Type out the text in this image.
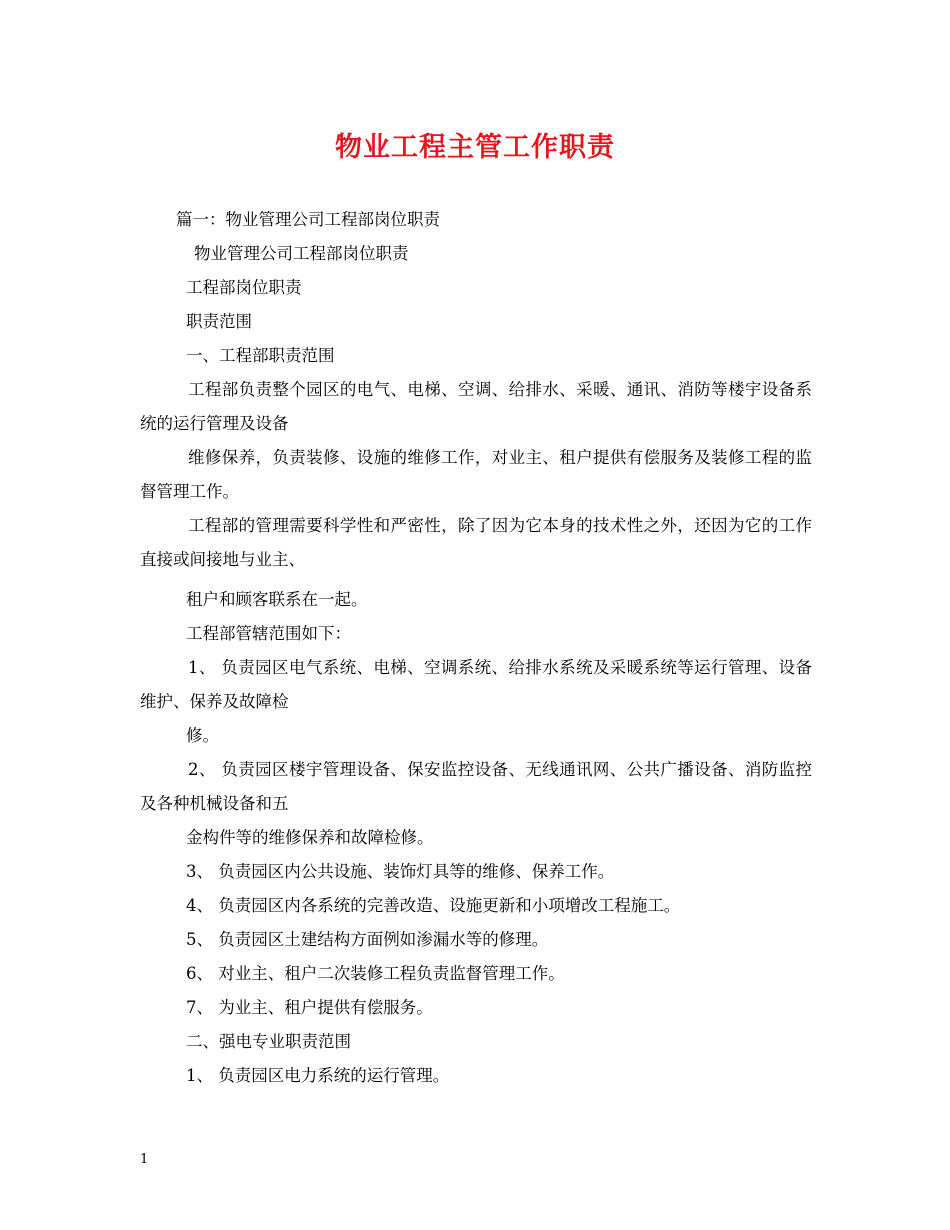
物业工程主管工作职责
篇一：物业管理公司工程部岗位职责
物业管理公司工程部岗位职责
工程部岗位职责
职责范围
一、工程部职责范围
工程部负责整个园区的电气、电梯、空调、给排水、采暖、通讯、消防等楼宇设备系统的运行管理及设备
维修保养，负责装修、设施的维修工作，对业主、租户提供有偿服务及装修工程的监督管理工作。
工程部的管理需要科学性和严密性，除了因为它本身的技术性之外，还因为它的工作直接或间接地与业主、
租户和顾客联系在一起。
工程部管辖范围如下：
1、 负责园区电气系统、电梯、空调系统、给排水系统及采暖系统等运行管理、设备维护、保养及故障检
修。
2、 负责园区楼宇管理设备、保安监控设备、无线通讯网、公共广播设备、消防监控及各种机械设备和五
金构件等的维修保养和故障检修。
3、 负责园区内公共设施、装饰灯具等的维修、保养工作。
4、 负责园区内各系统的完善改造、设施更新和小项增改工程施工。
5、 负责园区土建结构方面例如渗漏水等的修理。
6、 对业主、租户二次装修工程负责监督管理工作。
7、 为业主、租户提供有偿服务。
二、强电专业职责范围
1、 负责园区电力系统的运行管理。
1
